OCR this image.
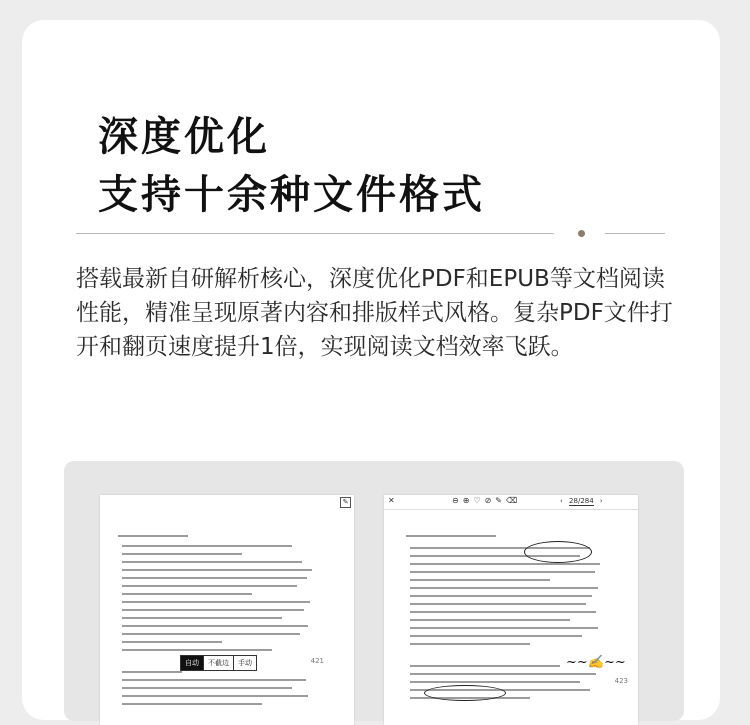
深度优化
支持十余种文件格式

搭载最新自研解析核心，深度优化PDF和EPUB等文档阅读性能，精准呈现原著内容和排版样式风格。复杂PDF文件打开和翻页速度提升1倍，实现阅读文档效率飞跃。

✎
自动	不截边	手动	421
✕	⊖⊕♡⊘✎⌫	‹ 28/284 ›
~~✍~~
423
